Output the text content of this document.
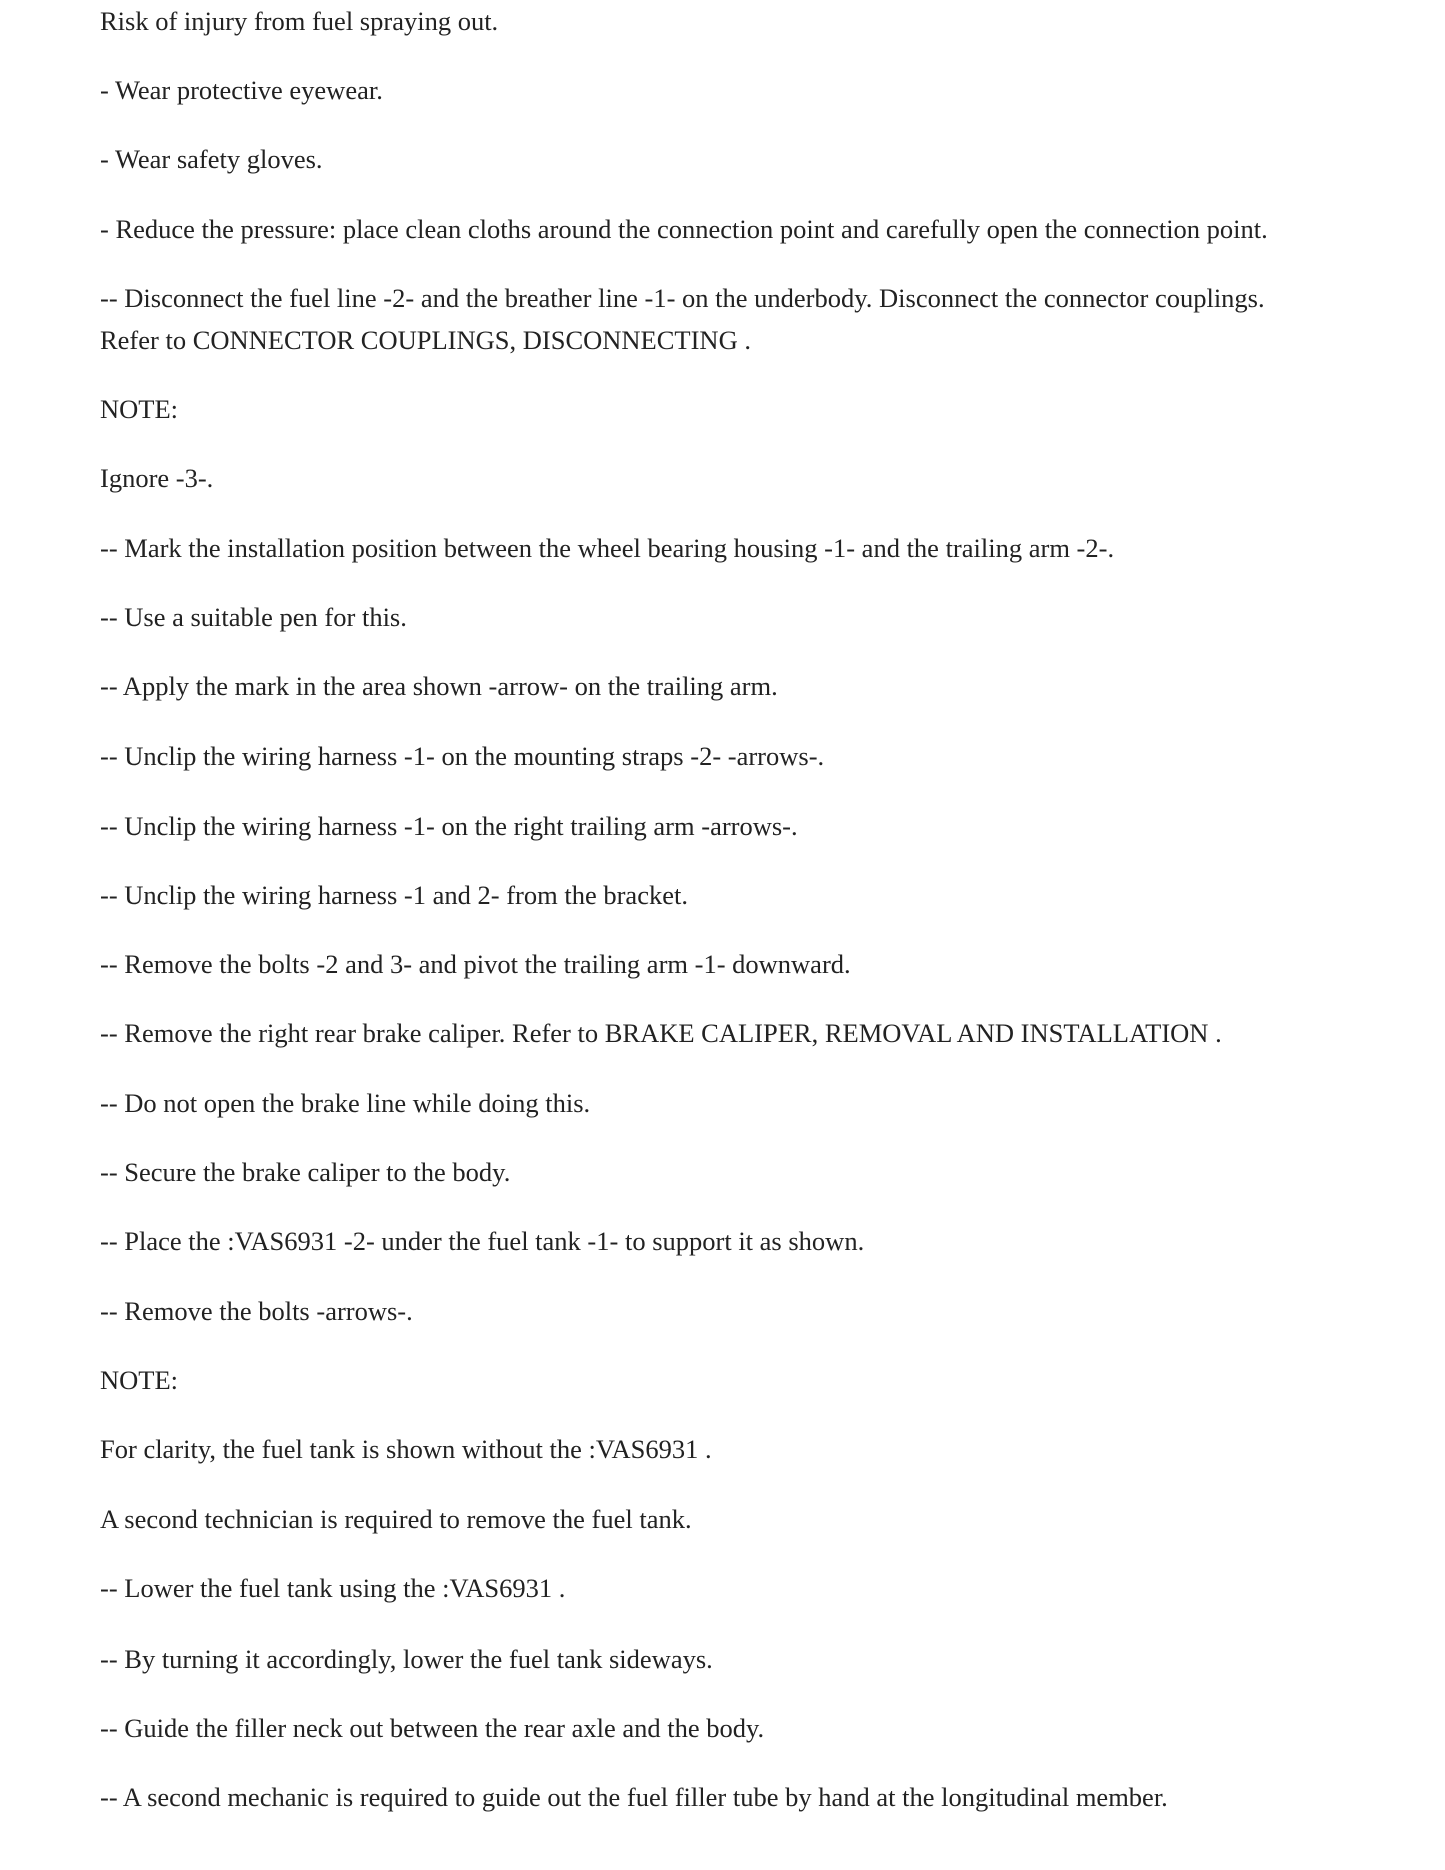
Risk of injury from fuel spraying out.

- Wear protective eyewear.

- Wear safety gloves.

- Reduce the pressure: place clean cloths around the connection point and carefully open the connection point.

-- Disconnect the fuel line -2- and the breather line -1- on the underbody. Disconnect the connector couplings.

Refer to CONNECTOR COUPLINGS, DISCONNECTING .

NOTE:

Ignore -3-.

-- Mark the installation position between the wheel bearing housing -1- and the trailing arm -2-.

-- Use a suitable pen for this.

-- Apply the mark in the area shown -arrow- on the trailing arm.

-- Unclip the wiring harness -1- on the mounting straps -2- -arrows-.

-- Unclip the wiring harness -1- on the right trailing arm -arrows-.

-- Unclip the wiring harness -1 and 2- from the bracket.

-- Remove the bolts -2 and 3- and pivot the trailing arm -1- downward.

-- Remove the right rear brake caliper. Refer to BRAKE CALIPER, REMOVAL AND INSTALLATION .

-- Do not open the brake line while doing this.

-- Secure the brake caliper to the body.

-- Place the :VAS6931 -2- under the fuel tank -1- to support it as shown.

-- Remove the bolts -arrows-.

NOTE:

For clarity, the fuel tank is shown without the :VAS6931 .

A second technician is required to remove the fuel tank.

-- Lower the fuel tank using the :VAS6931 .

-- By turning it accordingly, lower the fuel tank sideways.

-- Guide the filler neck out between the rear axle and the body.

-- A second mechanic is required to guide out the fuel filler tube by hand at the longitudinal member.
